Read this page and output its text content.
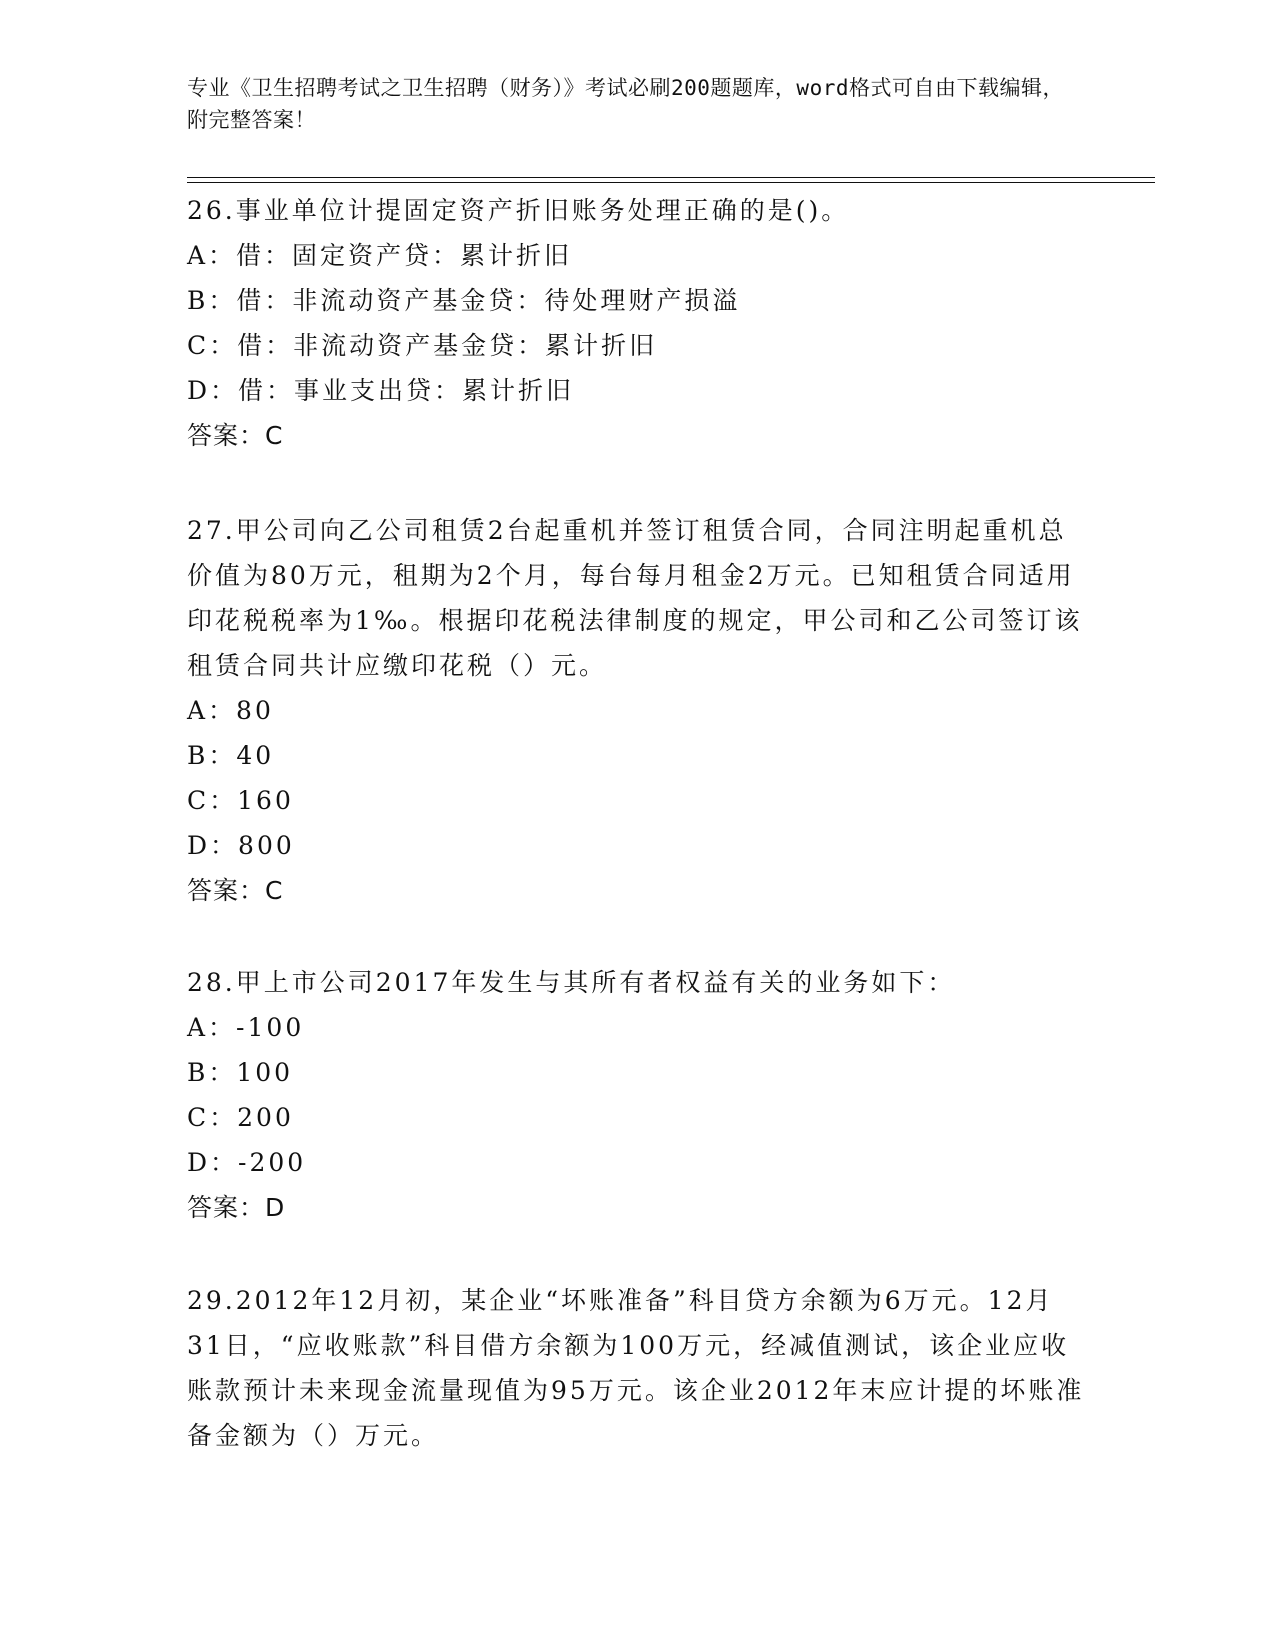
专业《卫生招聘考试之卫生招聘（财务）》考试必刷200题题库，word格式可自由下载编辑，附完整答案！

26.事业单位计提固定资产折旧账务处理正确的是()。

A：借：固定资产贷：累计折旧

B：借：非流动资产基金贷：待处理财产损溢

C：借：非流动资产基金贷：累计折旧

D：借：事业支出贷：累计折旧

答案：C

27.甲公司向乙公司租赁2台起重机并签订租赁合同，合同注明起重机总价值为80万元，租期为2个月，每台每月租金2万元。已知租赁合同适用印花税税率为1‰。根据印花税法律制度的规定，甲公司和乙公司签订该租赁合同共计应缴印花税（）元。

A：80

B：40

C：160

D：800

答案：C

28.甲上市公司2017年发生与其所有者权益有关的业务如下：

A：-100

B：100

C：200

D：-200

答案：D

29.2012年12月初，某企业“坏账准备”科目贷方余额为6万元。12月31日，“应收账款”科目借方余额为100万元，经减值测试，该企业应收账款预计未来现金流量现值为95万元。该企业2012年末应计提的坏账准备金额为（）万元。
